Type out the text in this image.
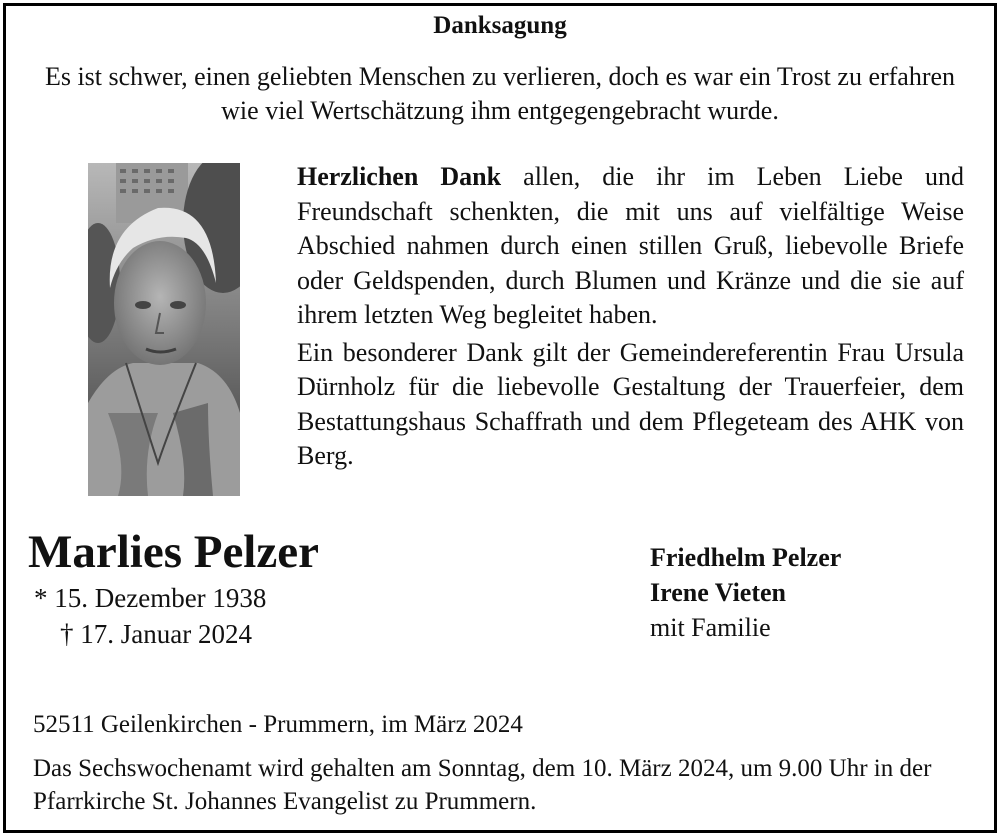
Danksagung
Es ist schwer, einen geliebten Menschen zu verlieren, doch es war ein Trost zu erfahren wie viel Wertschätzung ihm entgegengebracht wurde.

Herzlichen Dank allen, die ihr im Leben Liebe und Freundschaft schenkten, die mit uns auf vielfältige Weise Abschied nahmen durch einen stillen Gruß, liebevolle Briefe oder Geldspenden, durch Blumen und Kränze und die sie auf ihrem letzten Weg begleitet haben.

Ein besonderer Dank gilt der Gemeindereferentin Frau Ursula Dürnholz für die liebevolle Gestaltung der Trauerfeier, dem Bestattungshaus Schaffrath und dem Pflegeteam des AHK von Berg.

Marlies Pelzer
* 15. Dezember 1938
† 17. Januar 2024
Friedhelm Pelzer
Irene Vieten
mit Familie
52511 Geilenkirchen - Prummern, im März 2024
Das Sechswochenamt wird gehalten am Sonntag, dem 10. März 2024, um 9.00 Uhr in der Pfarrkirche St. Johannes Evangelist zu Prummern.
